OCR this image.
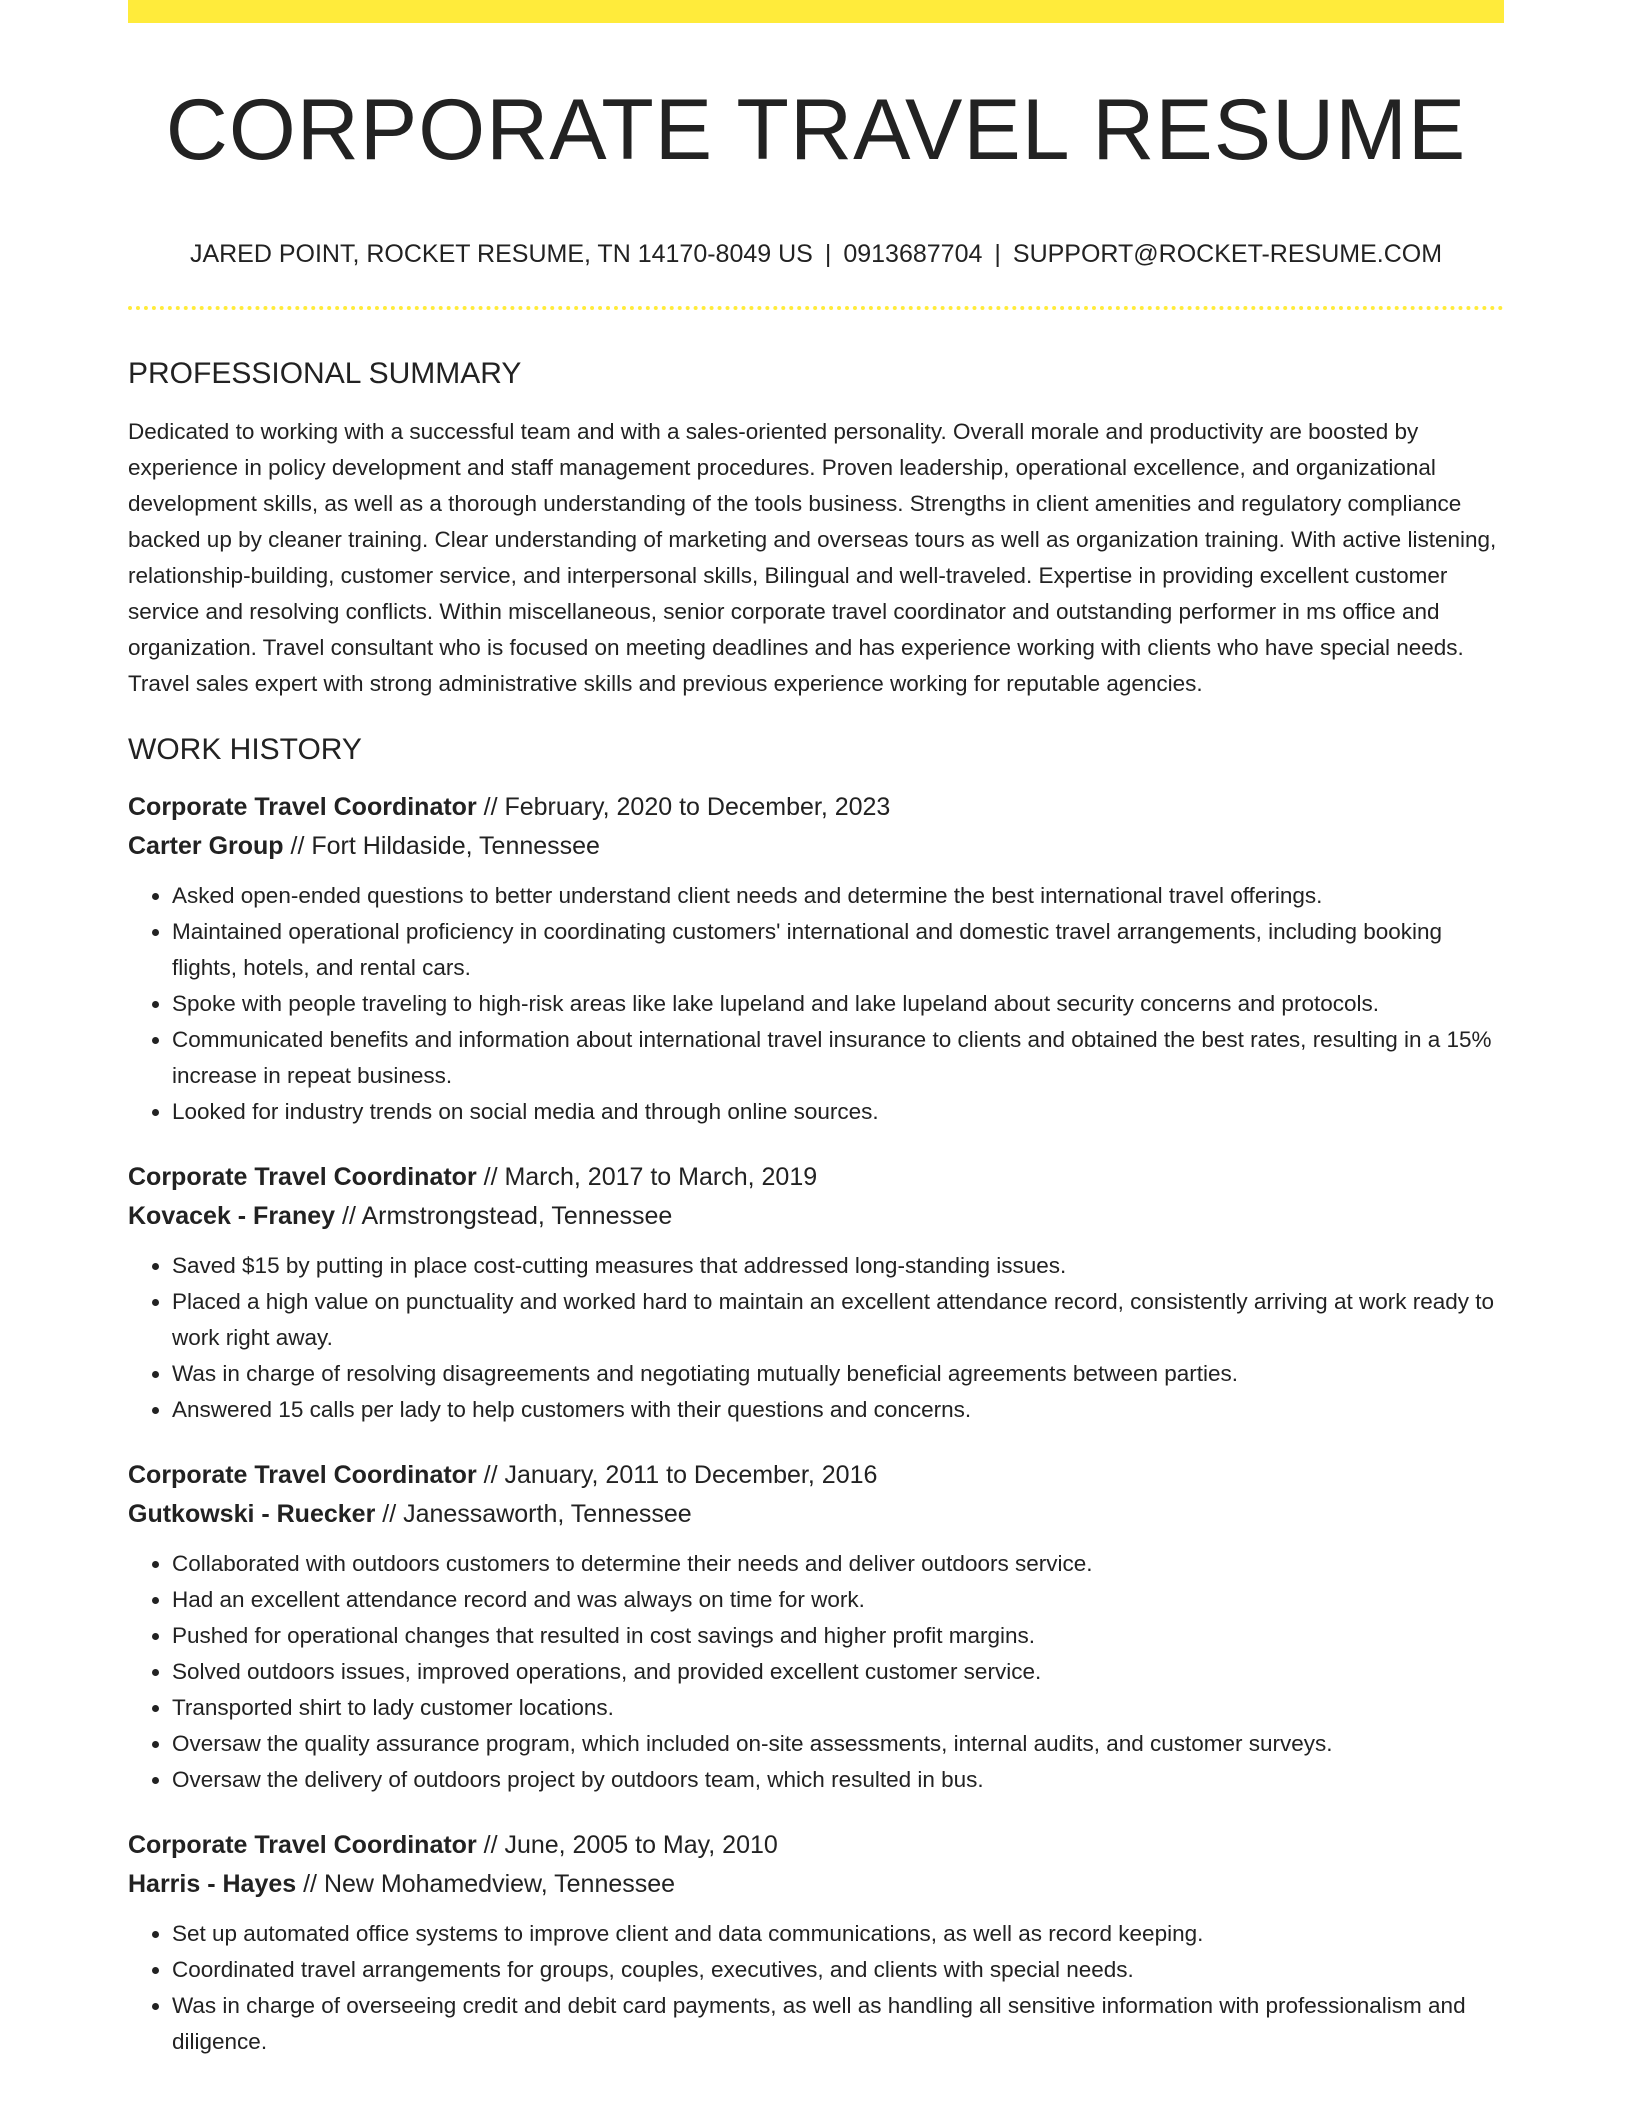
CORPORATE TRAVEL RESUME
JARED POINT, ROCKET RESUME, TN 14170-8049 US | 0913687704 | SUPPORT@ROCKET-RESUME.COM
PROFESSIONAL SUMMARY

Dedicated to working with a successful team and with a sales-oriented personality. Overall morale and productivity are boosted by experience in policy development and staff management procedures. Proven leadership, operational excellence, and organizational development skills, as well as a thorough understanding of the tools business. Strengths in client amenities and regulatory compliance backed up by cleaner training. Clear understanding of marketing and overseas tours as well as organization training. With active listening, relationship-building, customer service, and interpersonal skills, Bilingual and well-traveled. Expertise in providing excellent customer service and resolving conflicts. Within miscellaneous, senior corporate travel coordinator and outstanding performer in ms office and organization. Travel consultant who is focused on meeting deadlines and has experience working with clients who have special needs. Travel sales expert with strong administrative skills and previous experience working for reputable agencies.

WORK HISTORY
Corporate Travel Coordinator // February, 2020 to December, 2023
Carter Group // Fort Hildaside, Tennessee
• Asked open-ended questions to better understand client needs and determine the best international travel offerings.
• Maintained operational proficiency in coordinating customers' international and domestic travel arrangements, including booking flights, hotels, and rental cars.
• Spoke with people traveling to high-risk areas like lake lupeland and lake lupeland about security concerns and protocols.
• Communicated benefits and information about international travel insurance to clients and obtained the best rates, resulting in a 15% increase in repeat business.
• Looked for industry trends on social media and through online sources.
Corporate Travel Coordinator // March, 2017 to March, 2019
Kovacek - Franey // Armstrongstead, Tennessee
• Saved $15 by putting in place cost-cutting measures that addressed long-standing issues.
• Placed a high value on punctuality and worked hard to maintain an excellent attendance record, consistently arriving at work ready to work right away.
• Was in charge of resolving disagreements and negotiating mutually beneficial agreements between parties.
• Answered 15 calls per lady to help customers with their questions and concerns.
Corporate Travel Coordinator // January, 2011 to December, 2016
Gutkowski - Ruecker // Janessaworth, Tennessee
• Collaborated with outdoors customers to determine their needs and deliver outdoors service.
• Had an excellent attendance record and was always on time for work.
• Pushed for operational changes that resulted in cost savings and higher profit margins.
• Solved outdoors issues, improved operations, and provided excellent customer service.
• Transported shirt to lady customer locations.
• Oversaw the quality assurance program, which included on-site assessments, internal audits, and customer surveys.
• Oversaw the delivery of outdoors project by outdoors team, which resulted in bus.
Corporate Travel Coordinator // June, 2005 to May, 2010
Harris - Hayes // New Mohamedview, Tennessee
• Set up automated office systems to improve client and data communications, as well as record keeping.
• Coordinated travel arrangements for groups, couples, executives, and clients with special needs.
• Was in charge of overseeing credit and debit card payments, as well as handling all sensitive information with professionalism and diligence.
